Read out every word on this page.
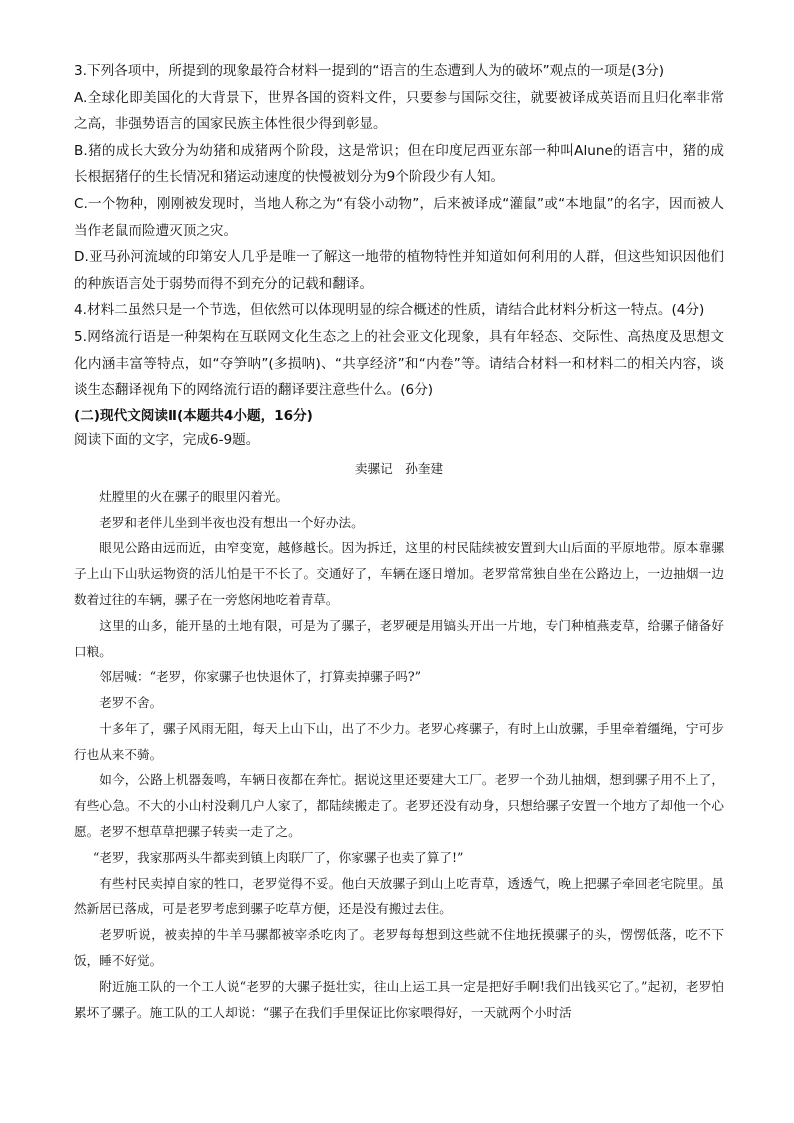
3.下列各项中，所提到的现象最符合材料一提到的“语言的生态遭到人为的破坏”观点的一项是(3分)

A.全球化即美国化的大背景下，世界各国的资料文件，只要参与国际交往，就要被译成英语而且归化率非常之高，非强势语言的国家民族主体性很少得到彰显。

B.猪的成长大致分为幼猪和成猪两个阶段，这是常识；但在印度尼西亚东部一种叫Alune的语言中，猪的成长根据猪仔的生长情况和猪运动速度的快慢被划分为9个阶段少有人知。

C.一个物种，刚刚被发现时，当地人称之为“有袋小动物”，后来被译成“灌鼠”或“本地鼠”的名字，因而被人当作老鼠而险遭灭顶之灾。

D.亚马孙河流域的印第安人几乎是唯一了解这一地带的植物特性并知道如何利用的人群，但这些知识因他们的种族语言处于弱势而得不到充分的记载和翻译。

4.材料二虽然只是一个节选，但依然可以体现明显的综合概述的性质，请结合此材料分析这一特点。(4分)

5.网络流行语是一种架构在互联网文化生态之上的社会亚文化现象，具有年轻态、交际性、高热度及思想文化内涵丰富等特点，如“夺笋呐”(多损呐)、“共享经济”和“内卷”等。请结合材料一和材料二的相关内容，谈谈生态翻译视角下的网络流行语的翻译要注意些什么。(6分)

(二)现代文阅读Ⅱ(本题共4小题，16分)

阅读下面的文字，完成6-9题。

卖骡记　孙奎建

灶膛里的火在骡子的眼里闪着光。

老罗和老伴儿坐到半夜也没有想出一个好办法。

眼见公路由远而近，由窄变宽，越修越长。因为拆迁，这里的村民陆续被安置到大山后面的平原地带。原本靠骡子上山下山驮运物资的活儿怕是干不长了。交通好了，车辆在逐日增加。老罗常常独自坐在公路边上，一边抽烟一边数着过往的车辆，骡子在一旁悠闲地吃着青草。

这里的山多，能开垦的土地有限，可是为了骡子，老罗硬是用镐头开出一片地，专门种植燕麦草，给骡子储备好口粮。

邻居喊：“老罗，你家骡子也快退休了，打算卖掉骡子吗?”

老罗不舍。

十多年了，骡子风雨无阻，每天上山下山，出了不少力。老罗心疼骡子，有时上山放骡，手里牵着缰绳，宁可步行也从来不骑。

如今，公路上机器轰鸣，车辆日夜都在奔忙。据说这里还要建大工厂。老罗一个劲儿抽烟，想到骡子用不上了，有些心急。不大的小山村没剩几户人家了，都陆续搬走了。老罗还没有动身，只想给骡子安置一个地方了却他一个心愿。老罗不想草草把骡子转卖一走了之。

“老罗，我家那两头牛都卖到镇上肉联厂了，你家骡子也卖了算了!”

有些村民卖掉自家的牲口，老罗觉得不妥。他白天放骡子到山上吃青草，透透气，晚上把骡子牵回老宅院里。虽然新居已落成，可是老罗考虑到骡子吃草方便，还是没有搬过去住。

老罗听说，被卖掉的牛羊马骡都被宰杀吃肉了。老罗每每想到这些就不住地抚摸骡子的头，愣愣低落，吃不下饭，睡不好觉。

附近施工队的一个工人说“老罗的大骡子挺壮实，往山上运工具一定是把好手啊!我们出钱买它了。”起初，老罗怕累坏了骡子。施工队的工人却说：“骡子在我们手里保证比你家喂得好，一天就两个小时活
